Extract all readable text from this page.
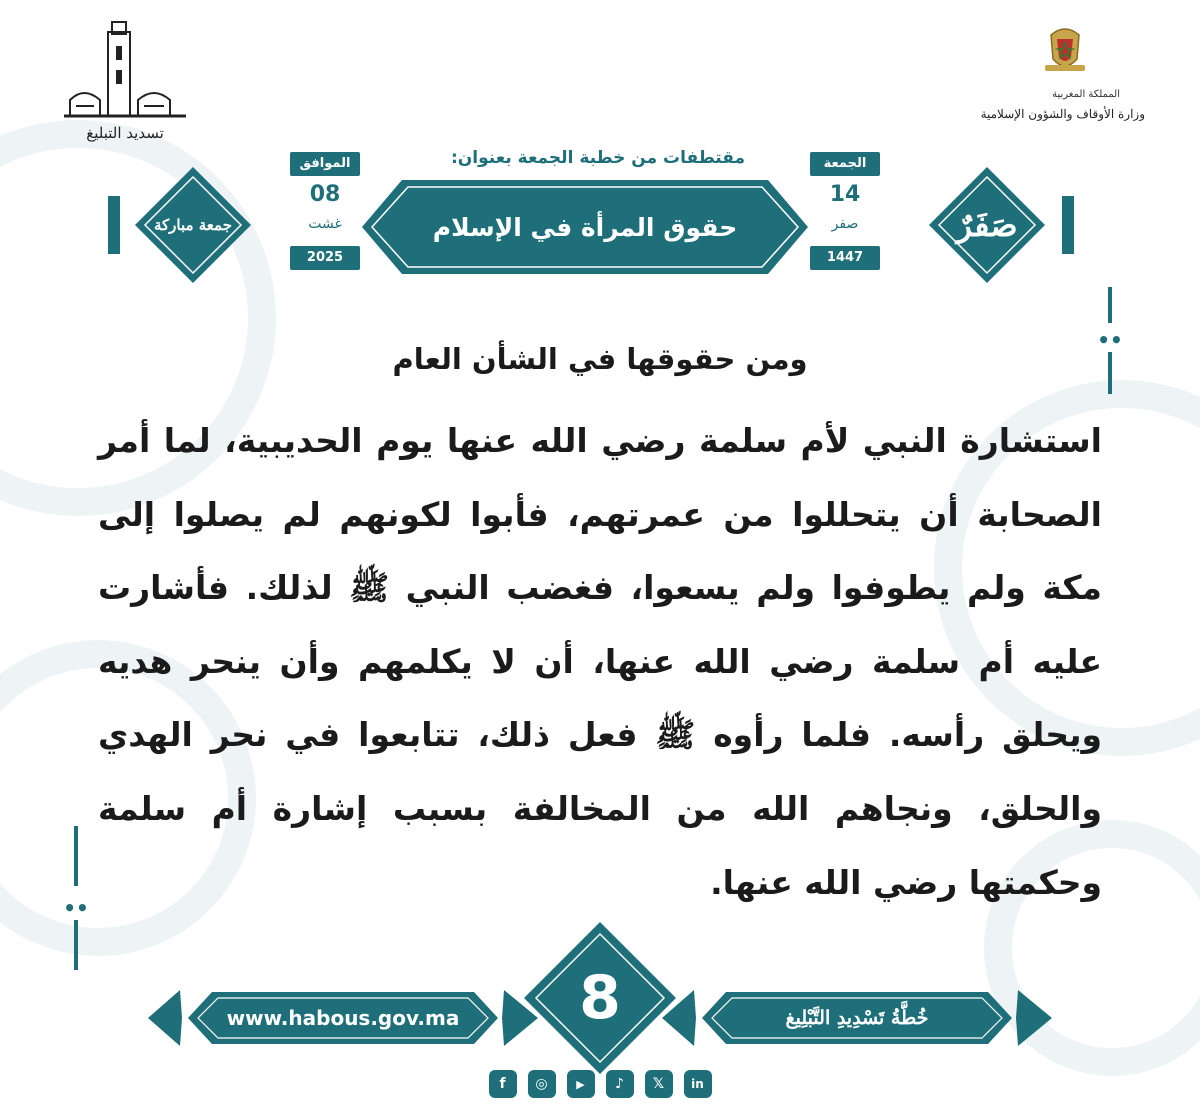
تسديد التبليغ
المملكة المغربية
وزارة الأوقاف والشؤون الإسلامية
مقتطفات من خطبة الجمعة بعنوان:
حقوق المرأة في الإسلام
الجمعة
14
صفر
1447
الموافق
08
غشت
2025
صَفَرٌ
جمعة مباركة
••
••
ومن حقوقها في الشأن العام
استشارة النبي لأم سلمة رضي الله عنها يوم الحديبية، لما أمر الصحابة أن يتحللوا من عمرتهم، فأبوا لكونهم لم يصلوا إلى مكة ولم يطوفوا ولم يسعوا، فغضب النبي ﷺ لذلك. فأشارت عليه أم سلمة رضي الله عنها، أن لا يكلمهم وأن ينحر هديه ويحلق رأسه. فلما رأوه ﷺ فعل ذلك، تتابعوا في نحر الهدي والحلق، ونجاهم الله من المخالفة بسبب إشارة أم سلمة وحكمتها رضي الله عنها.
www.habous.gov.ma	8	خُطَّةُ تَسْدِيدِ التَّبْلِيغ
f	◎	▶	♪	𝕏	in
